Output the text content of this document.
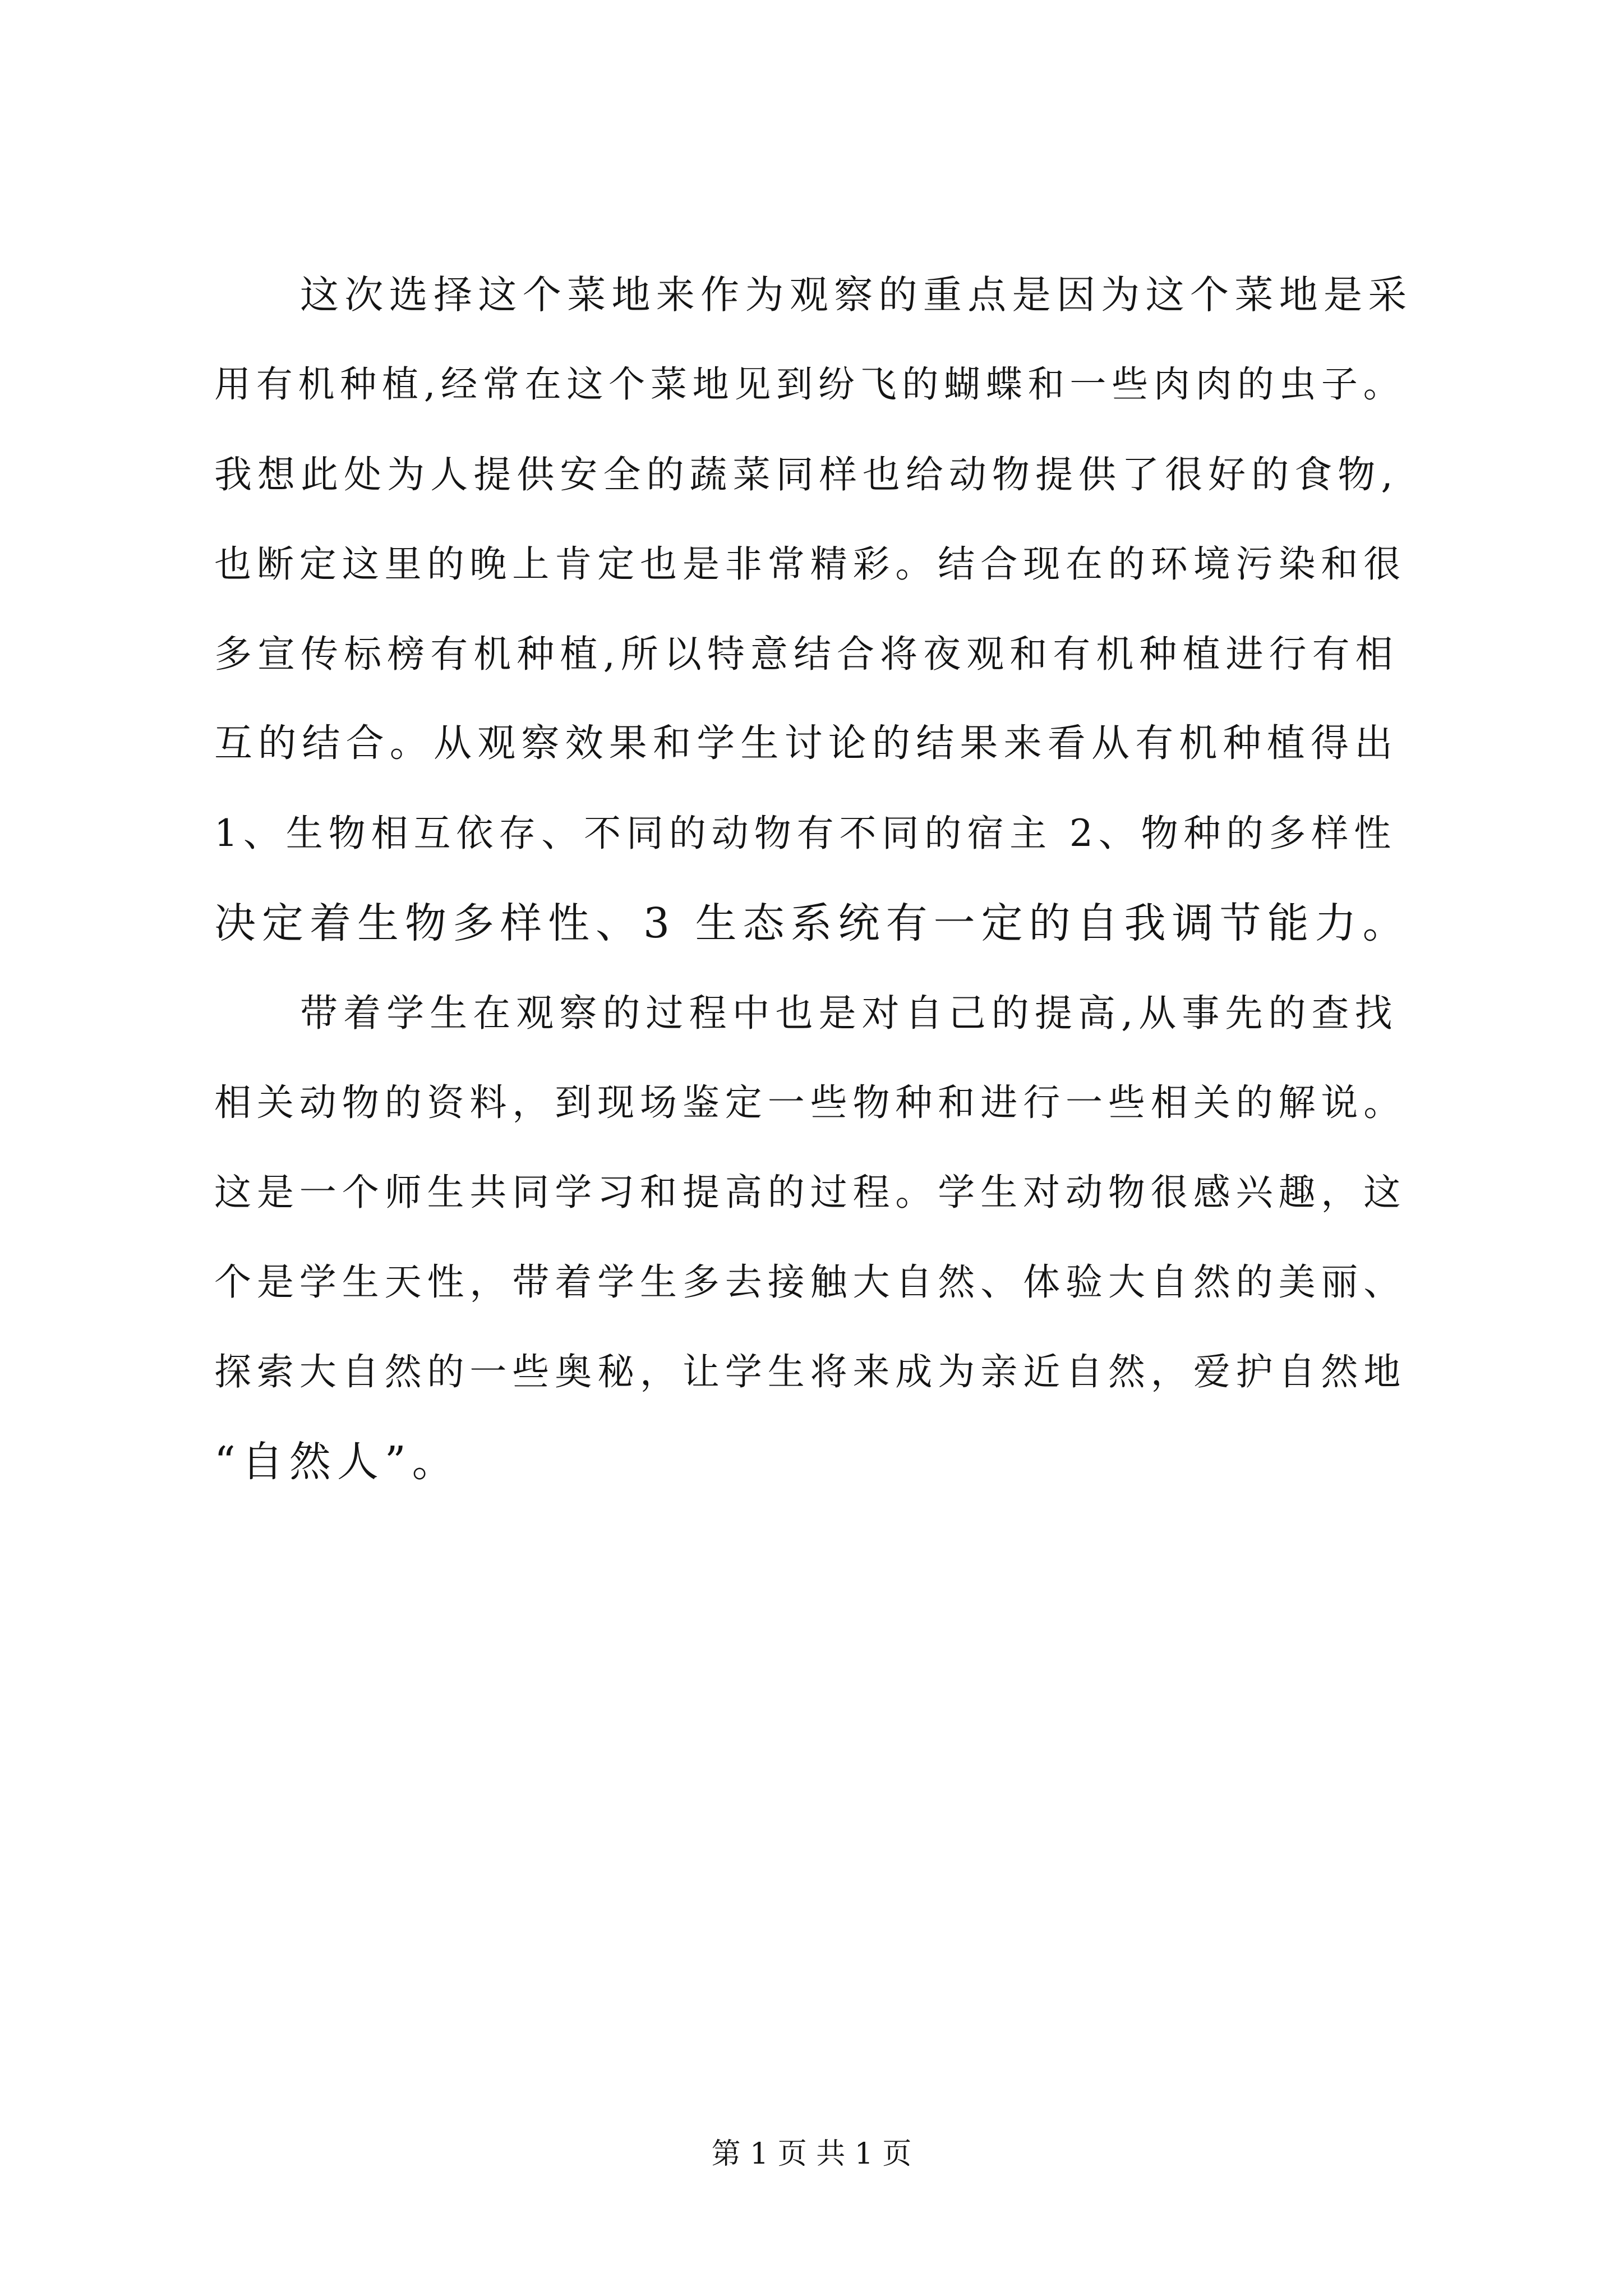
这次选择这个菜地来作为观察的重点是因为这个菜地是采
用有机种植,经常在这个菜地见到纷飞的蝴蝶和一些肉肉的虫子。
我想此处为人提供安全的蔬菜同样也给动物提供了很好的食物,
也断定这里的晚上肯定也是非常精彩。结合现在的环境污染和很
多宣传标榜有机种植,所以特意结合将夜观和有机种植进行有相
互的结合。从观察效果和学生讨论的结果来看从有机种植得出
1、生物相互依存、不同的动物有不同的宿主 2、物种的多样性
决定着生物多样性、3 生态系统有一定的自我调节能力。
带着学生在观察的过程中也是对自己的提高,从事先的查找
相关动物的资料，到现场鉴定一些物种和进行一些相关的解说。
这是一个师生共同学习和提高的过程。学生对动物很感兴趣，这
个是学生天性，带着学生多去接触大自然、体验大自然的美丽、
探索大自然的一些奥秘，让学生将来成为亲近自然，爱护自然地
“自然人”。
第 1 页 共 1 页
